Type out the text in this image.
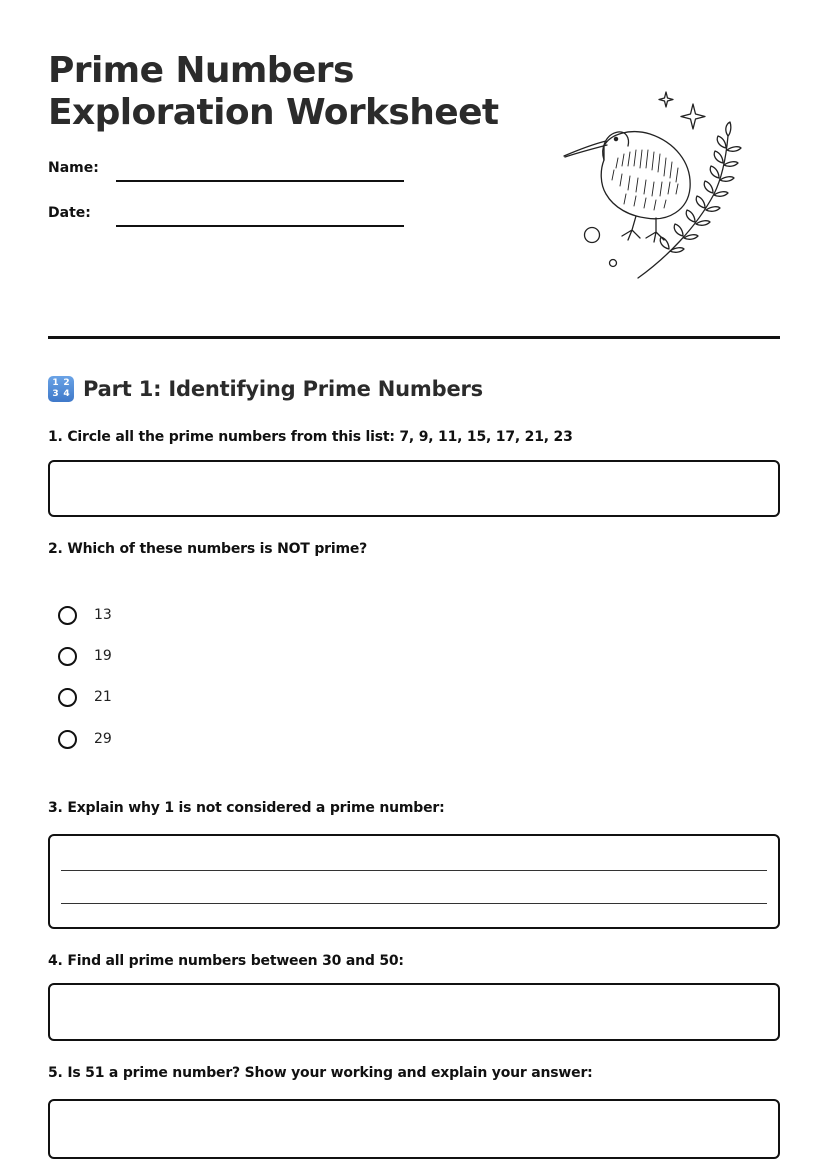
Prime Numbers
Exploration Worksheet
Name:
Date:
1 2
3 4 Part 1: Identifying Prime Numbers

1. Circle all the prime numbers from this list: 7, 9, 11, 15, 17, 21, 23

2. Which of these numbers is NOT prime?

13
19
21
29

3. Explain why 1 is not considered a prime number:

4. Find all prime numbers between 30 and 50:

5. Is 51 a prime number? Show your working and explain your answer:
